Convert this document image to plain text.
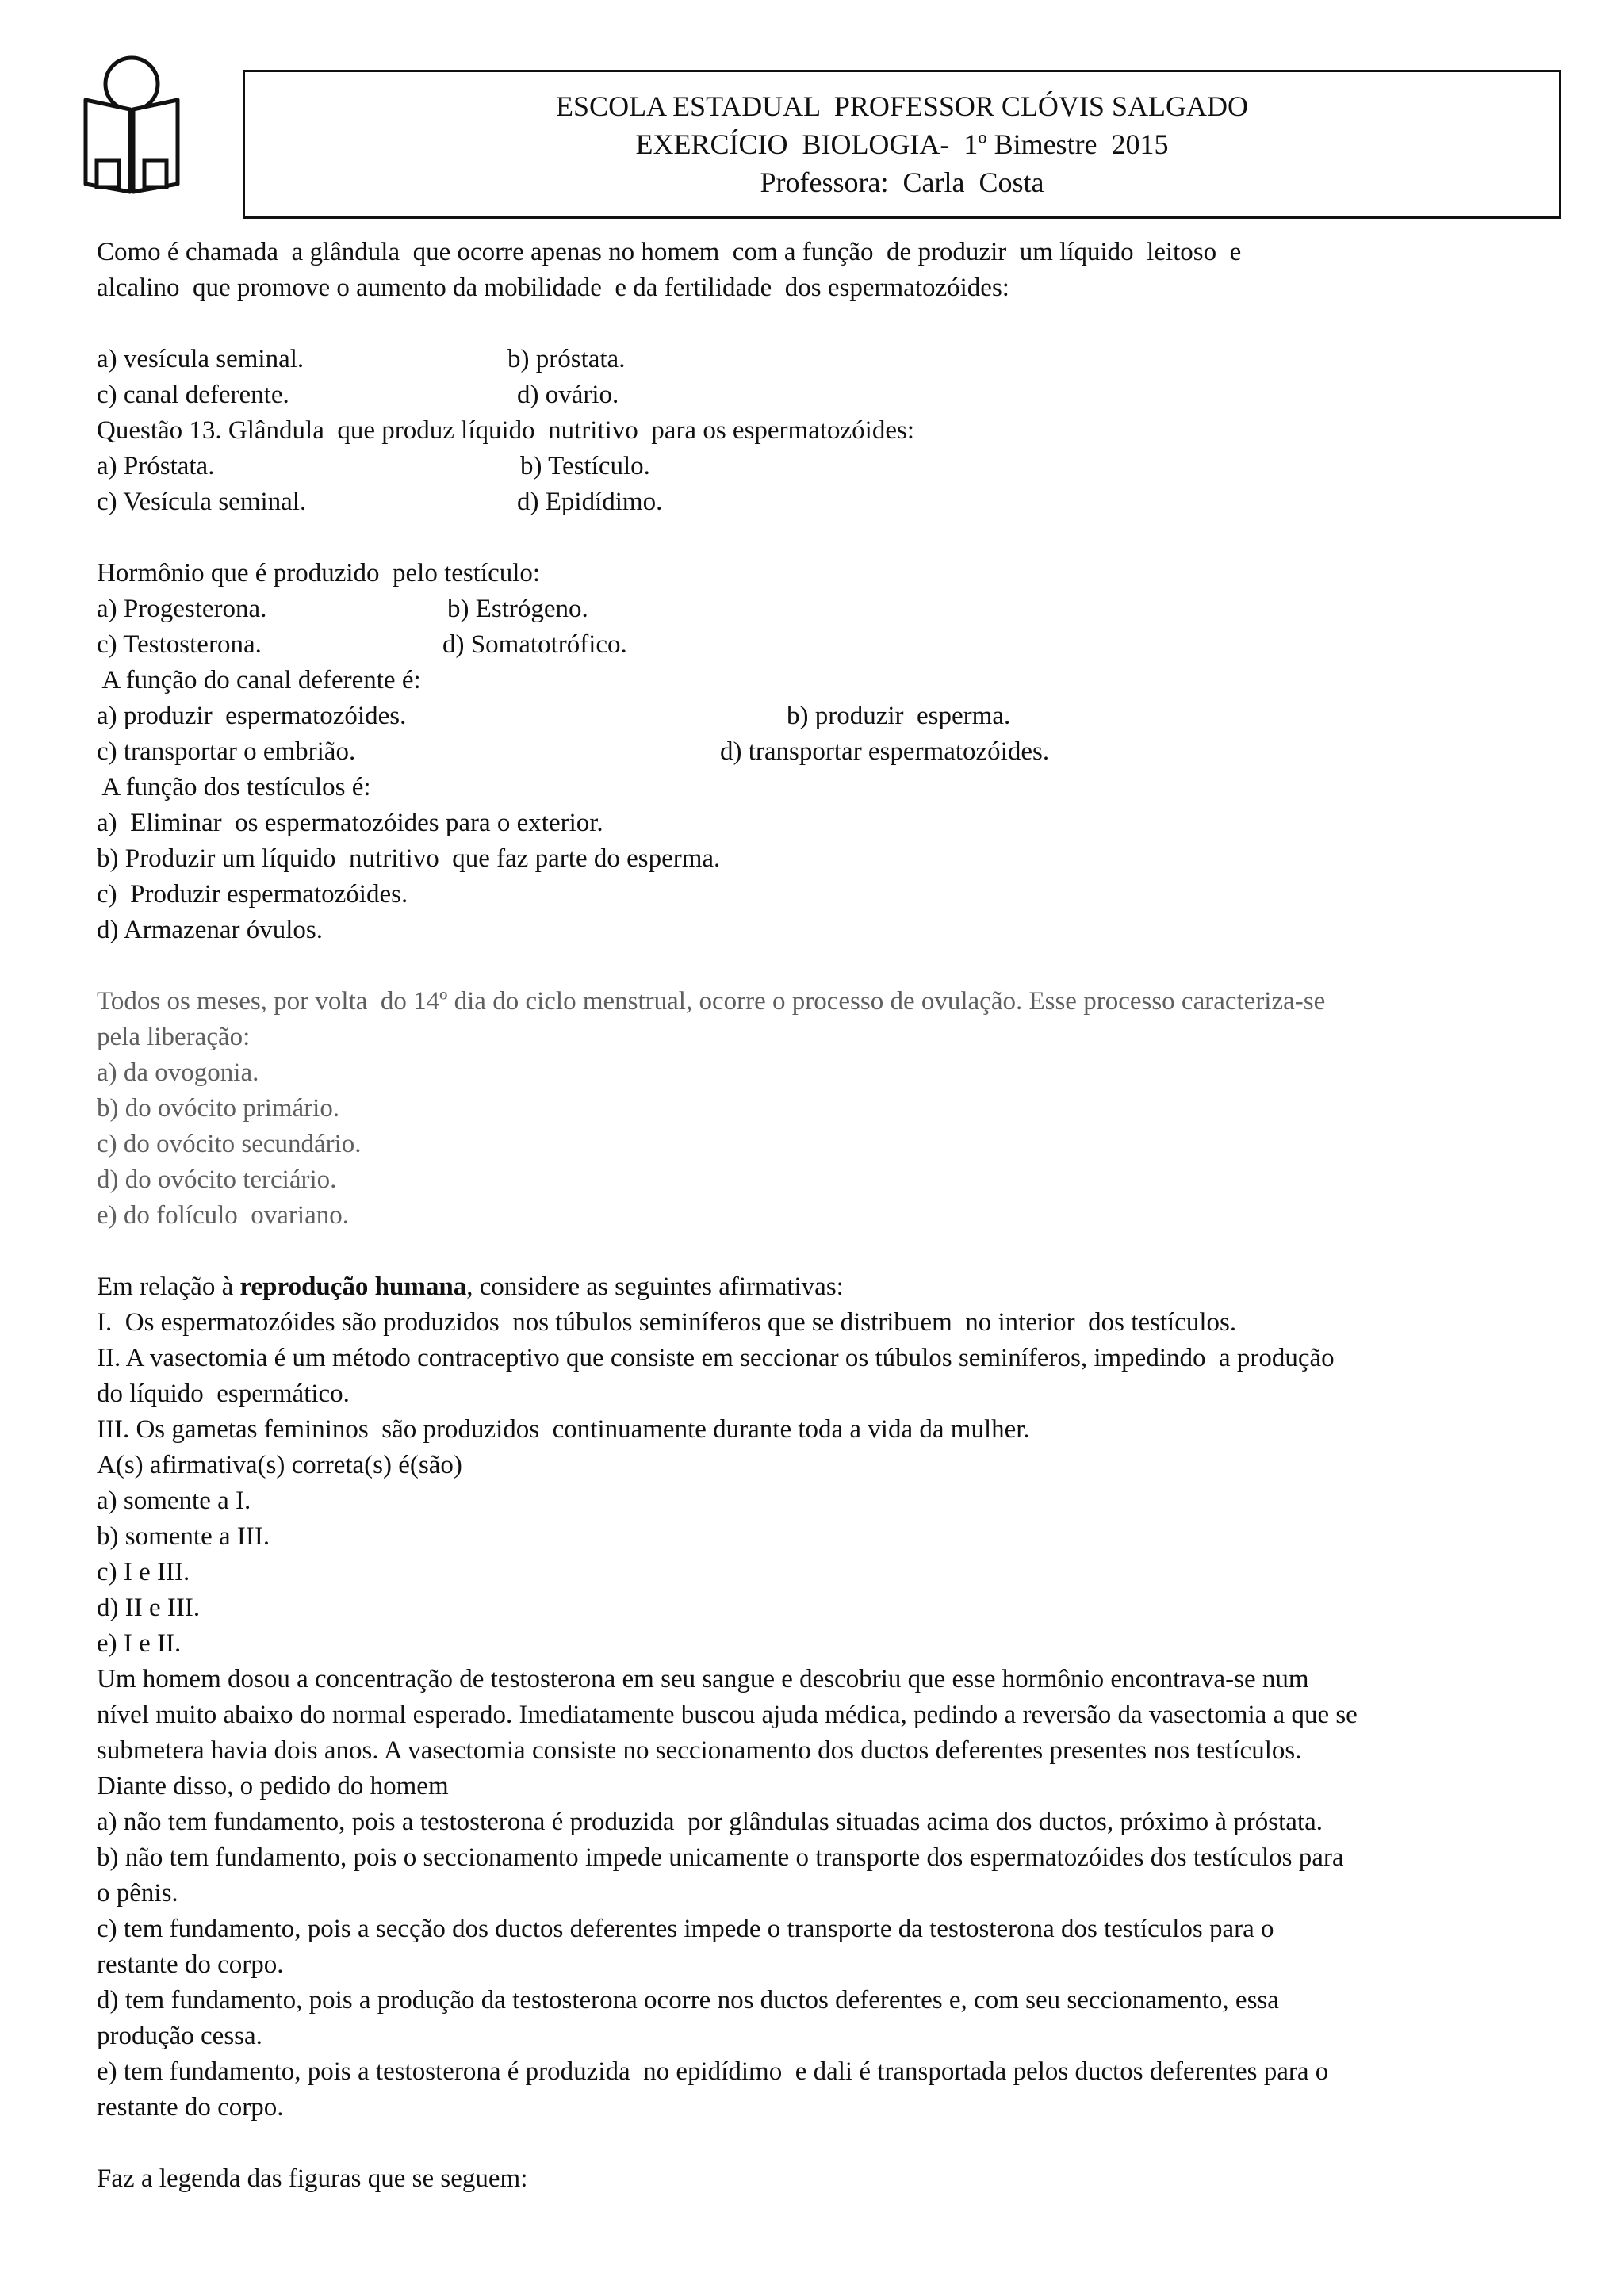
ESCOLA ESTADUAL  PROFESSOR CLÓVIS SALGADO
EXERCÍCIO  BIOLOGIA-  1º Bimestre  2015
Professora:  Carla  Costa
Como é chamada  a glândula  que ocorre apenas no homem  com a função  de produzir  um líquido  leitoso  e
alcalino  que promove o aumento da mobilidade  e da fertilidade  dos espermatozóides:
a) vesícula seminal.	b) próstata.
c) canal deferente.	d) ovário.
Questão 13. Glândula  que produz líquido  nutritivo  para os espermatozóides:
a) Próstata.	b) Testículo.
c) Vesícula seminal.	d) Epidídimo.
Hormônio que é produzido  pelo testículo:
a) Progesterona.	b) Estrógeno.
c) Testosterona.	d) Somatotrófico.
A função do canal deferente é:
a) produzir  espermatozóides.	b) produzir  esperma.
c) transportar o embrião.	d) transportar espermatozóides.
A função dos testículos é:
a)  Eliminar  os espermatozóides para o exterior.
b) Produzir um líquido  nutritivo  que faz parte do esperma.
c)  Produzir espermatozóides.
d) Armazenar óvulos.
Todos os meses, por volta  do 14º dia do ciclo menstrual, ocorre o processo de ovulação. Esse processo caracteriza-se
pela liberação:
a) da ovogonia.
b) do ovócito primário.
c) do ovócito secundário.
d) do ovócito terciário.
e) do folículo  ovariano.
Em relação à reprodução humana, considere as seguintes afirmativas:
I.  Os espermatozóides são produzidos  nos túbulos seminíferos que se distribuem  no interior  dos testículos.
II. A vasectomia é um método contraceptivo que consiste em seccionar os túbulos seminíferos, impedindo  a produção
do líquido  espermático.
III. Os gametas femininos  são produzidos  continuamente durante toda a vida da mulher.
A(s) afirmativa(s) correta(s) é(são)
a) somente a I.
b) somente a III.
c) I e III.
d) II e III.
e) I e II.
Um homem dosou a concentração de testosterona em seu sangue e descobriu que esse hormônio encontrava-se num
nível muito abaixo do normal esperado. Imediatamente buscou ajuda médica, pedindo a reversão da vasectomia a que se
submetera havia dois anos. A vasectomia consiste no seccionamento dos ductos deferentes presentes nos testículos.
Diante disso, o pedido do homem
a) não tem fundamento, pois a testosterona é produzida  por glândulas situadas acima dos ductos, próximo à próstata.
b) não tem fundamento, pois o seccionamento impede unicamente o transporte dos espermatozóides dos testículos para
o pênis.
c) tem fundamento, pois a secção dos ductos deferentes impede o transporte da testosterona dos testículos para o
restante do corpo.
d) tem fundamento, pois a produção da testosterona ocorre nos ductos deferentes e, com seu seccionamento, essa
produção cessa.
e) tem fundamento, pois a testosterona é produzida  no epidídimo  e dali é transportada pelos ductos deferentes para o
restante do corpo.
Faz a legenda das figuras que se seguem:
